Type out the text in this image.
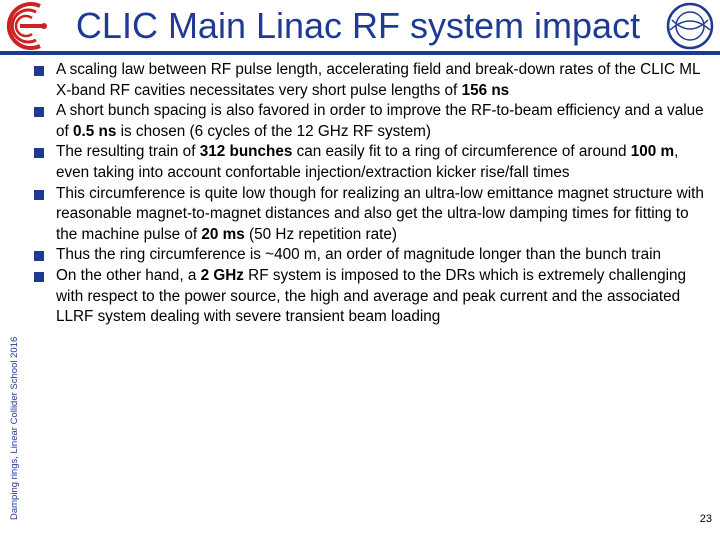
CLIC Main Linac RF system impact
Damping rings, Linear Collider School 2016
A scaling law between RF pulse length, accelerating field and break-down rates of the CLIC ML X-band RF cavities necessitates very short pulse lengths of 156 ns
A short bunch spacing is also favored in order to improve the RF-to-beam efficiency and a value of 0.5 ns is chosen (6 cycles of the 12 GHz RF system)
The resulting train of 312 bunches can easily fit to a ring of circumference of around 100 m, even taking into account confortable injection/extraction kicker rise/fall times
This circumference is quite low though for realizing an ultra-low emittance magnet structure with reasonable magnet-to-magnet distances and also get the ultra-low damping times for fitting to the machine pulse of 20 ms (50 Hz repetition rate)
Thus the ring circumference is ~400 m, an order of magnitude longer than the bunch train
On the other hand, a 2 GHz RF system is imposed to the DRs which is extremely challenging with respect to the power source, the high and average and peak current and the associated LLRF system dealing with severe transient beam loading
23
